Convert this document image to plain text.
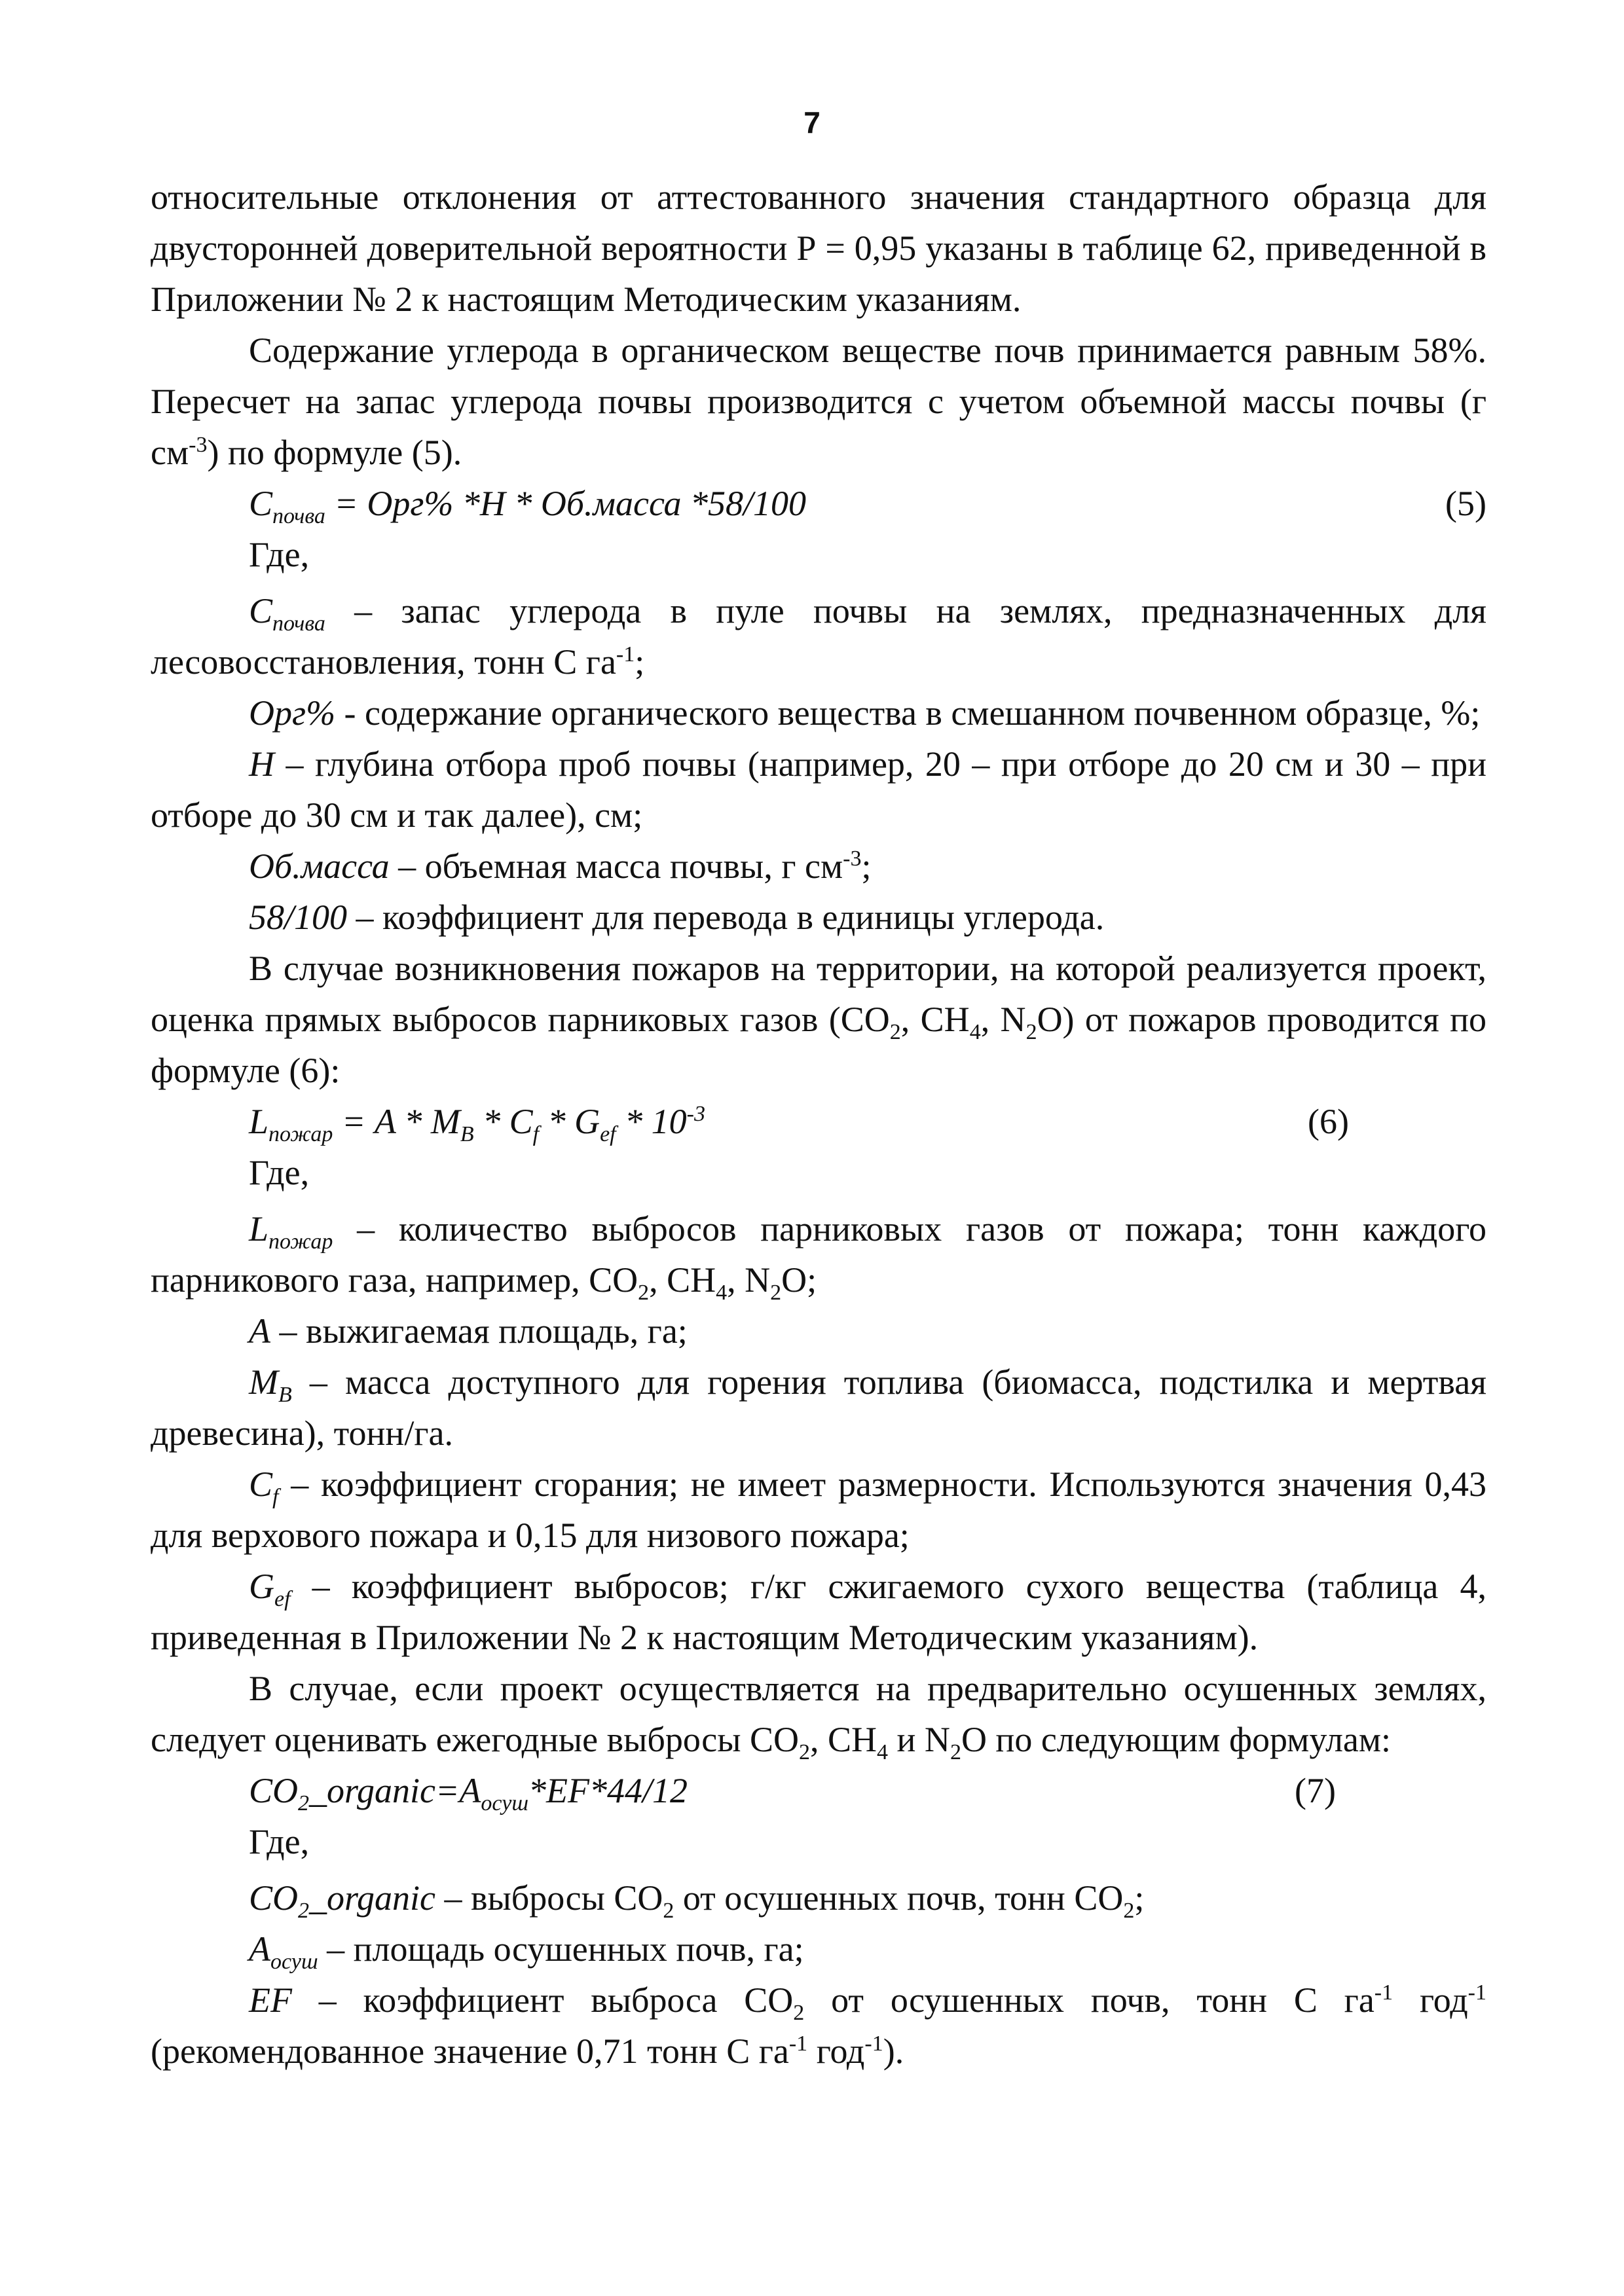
7

относительные отклонения от аттестованного значения стандартного образца для двусторонней доверительной вероятности Р = 0,95 указаны в таблице 62, приведенной в Приложении № 2 к настоящим Методическим указаниям.

Содержание углерода в органическом веществе почв принимается равным 58%. Пересчет на запас углерода почвы производится с учетом объемной массы почвы (г $см^{-3}$) по формуле (5).

$C_{почва} = Орг\%$ *H * Об.масса *58/100	(5)
Где,

$C_{почва}$ – запас углерода в пуле почвы на землях, предназначенных для лесовосстановления, тонн С $га^{-1}$;

Орг% - содержание органического вещества в смешанном почвенном образце, %;

H – глубина отбора проб почвы (например, 20 – при отборе до 20 см и 30 – при отборе до 30 см и так далее), см;

Об.масса – объемная масса почвы, г $см^{-3}$;

58/100 – коэффициент для перевода в единицы углерода.

В случае возникновения пожаров на территории, на которой реализуется проект, оценка прямых выбросов парниковых газов ($CO_2$, $CH_4$, $N_2O$) от пожаров проводится по формуле (6):

$L_{пожар} = A * M_B * C_f * G_{ef} * 10^{-3}$	(6)
Где,

$L_{пожар}$ – количество выбросов парниковых газов от пожара; тонн каждого парникового газа, например, $CO_2$, $CH_4$, $N_2O$;

A – выжигаемая площадь, га;

$M_B$ – масса доступного для горения топлива (биомасса, подстилка и мертвая древесина), тонн/га.

$C_f$ – коэффициент сгорания; не имеет размерности. Используются значения 0,43 для верхового пожара и 0,15 для низового пожара;

$G_{ef}$ – коэффициент выбросов; г/кг сжигаемого сухого вещества (таблица 4, приведенная в Приложении № 2 к настоящим Методическим указаниям).

В случае, если проект осуществляется на предварительно осушенных землях, следует оценивать ежегодные выбросы $CO_2$, $CH_4$ и $N_2O$ по следующим формулам:

$CO_2\_organic=A_{осуш}*EF*44/12$	(7)
Где,

$CO_2\_organic$ – выбросы $CO_2$ от осушенных почв, тонн $CO_2$;

$A_{осуш}$ – площадь осушенных почв, га;

EF – коэффициент выброса $CO_2$ от осушенных почв, тонн С $га^{-1}$ год$^{-1}$ (рекомендованное значение 0,71 тонн С $га^{-1}$ год$^{-1}$).
